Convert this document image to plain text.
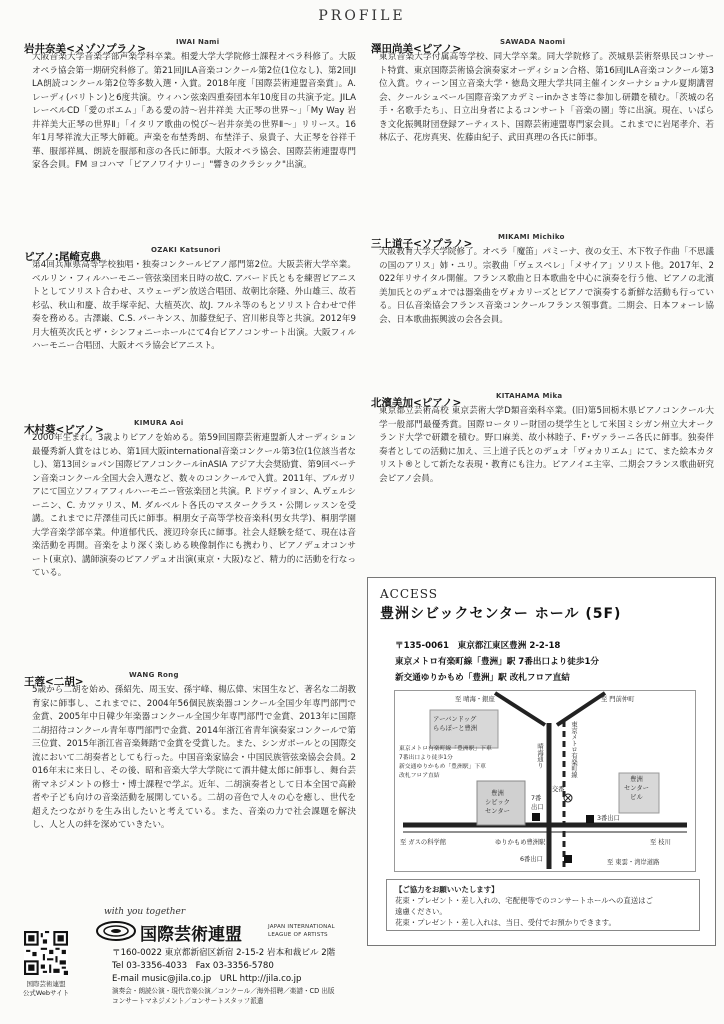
PROFILE
岩井奈美<メゾソプラノ>
IWAI Nami

大阪音楽大学音楽学部声楽学科卒業。相愛大学大学院修士課程オペラ科修了。大阪オペラ協会第一期研究科修了。第21回JILA音楽コンクール第2位(1位なし)、第2回JILA朗読コンクール第2位等多数入選・入賞。2018年度「国際芸術連盟音楽賞」。A. レーディ(バリトン)と6度共演。ウィハン弦楽四重奏団本年10度目の共演予定。JILAレーベルCD「愛のポエム」「ある愛の詩〜岩井祥美 大正琴の世界〜」「My Way 岩井祥美大正琴の世界Ⅱ」「イタリア歌曲の悦び〜岩井奈美の世界Ⅱ〜」リリース。16年1月琴祥流大正琴大師範。声楽を布埜秀朗、布埜洋子、泉貴子、大正琴を谷祥千華、服部祥風、朗読を服部和彦の各氏に師事。大阪オペラ協会、国際芸術連盟専門家各会員。FM ヨコハマ「ピアノワイナリー」"響きのクラシック"出演。

ピアノ:尾崎克典
OZAKI Katsunori

第4回兵庫県高等学校独唱・独奏コンクールピアノ部門第2位。大阪芸術大学卒業。ベルリン・フィルハーモニー管弦楽団来日時の故C. アバード氏ともを練習ピアニストとしてソリスト合わせ、スウェーデン放送合唱団、故朝比奈隆、外山雄三、故若杉弘、秋山和慶、故手塚幸紀、大植英次、故J. フルネ等のもとソリスト合わせで伴奏を務める。古澤巌、C.S. パーキンス、加藤登紀子、宮川彬良等と共演。2012年9月大植英次氏とザ・シンフォニーホールにて4台ピアノコンサート出演。大阪フィルハーモニー合唱団、大阪オペラ協会ピアニスト。

木村葵<ピアノ>
KIMURA Aoi

2000年生まれ。3歳よりピアノを始める。第59回国際芸術連盟新人オーディション最優秀新人賞をはじめ、第1回大阪international音楽コンクール第3位(1位該当者なし)、第13回ショパン国際ピアノコンクールinASIA アジア大会奨励賞、第9回ベーテン音楽コンクール全国大会入選など、数々のコンクールで入賞。2011年、ブルガリアにて国立ソフィアフィルハーモニー管弦楽団と共演。P. ドヴァイヨン、A.ヴェルシーニン、C. カツァリス、M. ダルベルト各氏のマスタークラス・公開レッスンを受講。これまでに芹澤佳司氏に師事。桐朋女子高等学校音楽科(男女共学)、桐朋学園大学音楽学部卒業。仲道郁代氏、渡辺玲奈氏に師事。社会人経験を経て、現在は音楽活動を再開。音楽をより深く楽しめる映像制作にも携わり、ピアノデュオコンサート(東京)、講師演奏のピアノデュオ出演(東京・大阪)など、精力的に活動を行なっている。

王蓉<二胡>
WANG Rong

5歳から二胡を始め、孫紹先、周玉安、孫宇峰、楊広偉、宋国生など、著名な二胡教育家に師事し、これまでに、2004年56個民族楽器コンクール全国少年専門部門で金賞、2005年中日韓少年楽器コンクール全国少年専門部門で金賞、2013年に国際二胡招待コンクール青年専門部門で金賞、2014年浙江省青年演奏家コンクールで第三位賞、2015年浙江省音楽舞踏で金賞を受賞した。また、シンガポールとの国際交流において二胡奏者としても行った。中国音楽家協会・中国民族管弦楽協会会員。2016年末に来日し、その後、昭和音楽大学大学院にて酒井健太郎に師事し、舞台芸術マネジメントの修士・博士課程で学ぶ。近年、二胡演奏者として日本全国で高齢者や子ども向けの音楽活動を展開している。二胡の音色で人々の心を癒し、世代を超えたつながりを生み出したいと考えている。また、音楽の力で社会課題を解決し、人と人の絆を深めていきたい。

澤田尚美<ピアノ>
SAWADA Naomi

東京音楽大学付属高等学校、同大学卒業。同大学院修了。茨城県芸術祭県民コンサート特賞、東京国際芸術協会演奏家オーディション合格、第16回JILA音楽コンクール第3位入賞。ウィーン国立音楽大学・徳島文理大学共同主催インターナショナル夏期講習会、クールシュベール国際音楽アカデミーinかさま等に参加し研鑽を積む。「茨城の名手・名歌手たち」、日立出身者によるコンサート「音楽の園」等に出演。現在、いばらき文化振興財団登録アーティスト、国際芸術連盟専門家会員。これまでに岩尾孝介、若林広子、花房真実、佐藤由紀子、武田真理の各氏に師事。

三上道子<ソプラノ>
MIKAMI Michiko

大阪教育大学大学院修了。オペラ「魔笛」パミーナ、夜の女王、木下牧子作曲「不思議の国のアリス」姉・ユリ。宗教曲「ヴェスペレ」「メサイア」ソリスト他。2017年、2022年リサイタル開催。フランス歌曲と日本歌曲を中心に演奏を行う他、ピアノの北濱美加氏とのデュオでは器楽曲をヴォカリーズとピアノで演奏する新鮮な活動も行っている。日仏音楽協会フランス音楽コンクールフランス領事賞。二期会、日本フォーレ協会、日本歌曲振興波の会各会員。

北濱美加<ピアノ>
KITAHAMA Mika

東京都立芸術高校 東京芸術大学D類音楽科卒業。(旧)第5回栃木県ピアノコンクール大学一般部門最優秀賞。国際ロータリー財団の奨学生として米国ミシガン州立大オークランド大学で研鑽を積む。野口麻美、故小林睦子、F･ヴァラーニ各氏に師事。独奏伴奏者としての活動に加え、三上道子氏とのデュオ「ヴォカリエム」にて、また絵本カタリスト®として新たな表現・教育にも注力。ピアノイエ主宰、二期会フランス歌曲研究会ピアノ会員。

ACCESS
豊洲シビックセンター ホール (5F)
〒135-0061　東京都江東区豊洲 2-2-18
東京メトロ有楽町線「豊洲」駅 7番出口より徒歩1分
新交通ゆりかもめ「豊洲」駅 改札フロア直結
至 晴海・銀座	至 門前仲町
アーバンドッグ
ららぽーと豊洲
晴海通り	東京メトロ有楽町線
東京メトロ有楽町線「豊洲駅」下車
7番出口より徒歩1分
新交通ゆりかもめ「豊洲駅」下車
改札フロア直結
交番
豊洲
シビック
センター
7番
出口
豊洲
センター
ビル
3番出口
至 ガスの科学館	ゆりかもめ豊洲駅	至 枝川
6番出口	至 東雲・湾岸道路
【ご協力をお願いいたします】
花束・プレゼント・差し入れの、宅配便等でのコンサートホールへの直送はご
遠慮ください。
花束・プレゼント・差し入れは、当日、受付でお預かりできます。
国際芸術連盟
公式Webサイト
with you together
国際芸術連盟	JAPAN INTERNATIONAL
LEAGUE OF ARTISTS
〒160-0022 東京都新宿区新宿 2-15-2 岩本和裁ビル 2階
Tel 03-3356-4033　Fax 03-3356-5780
E-mail music@jila.co.jp　URL http://jila.co.jp
演奏会・朗読公演・現代音楽公演／コンクール／海外招聘／楽譜・CD 出版
コンサートマネジメント／コンサートスタッフ派遣
